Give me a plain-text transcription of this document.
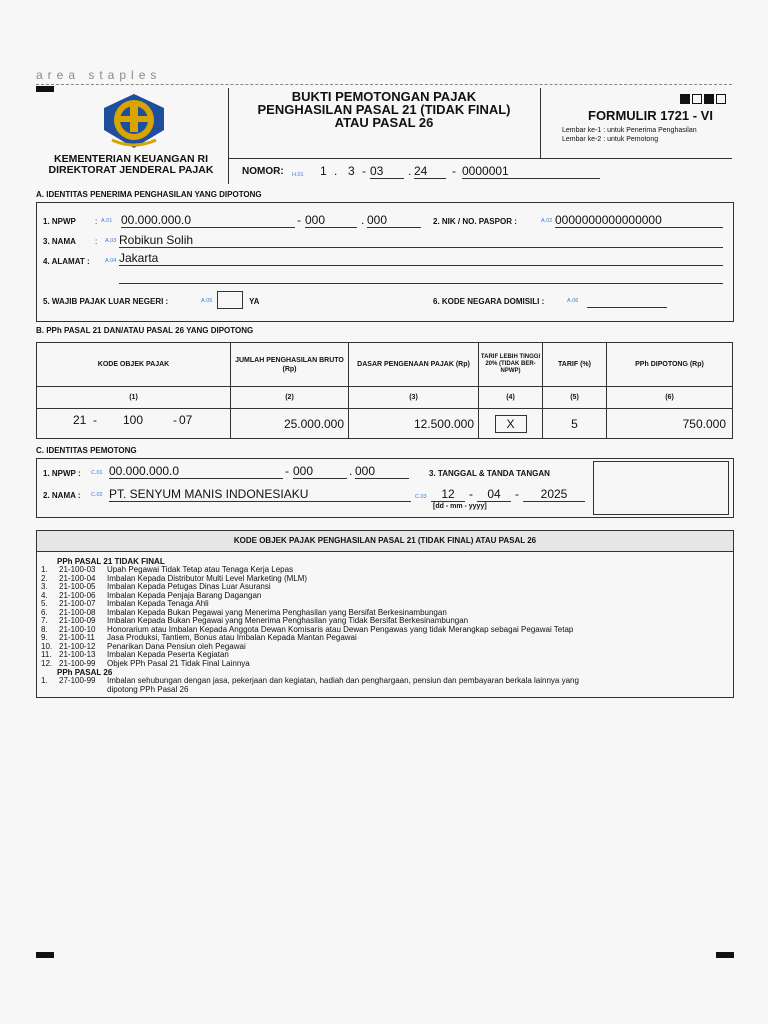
area staples
KEMENTERIAN KEUANGAN RI
DIREKTORAT JENDERAL PAJAK
BUKTI PEMOTONGAN PAJAK
PENGHASILAN PASAL 21 (TIDAK FINAL)
ATAU PASAL 26	FORMULIR 1721 - VI
Lembar ke-1 : untuk Penerima Penghasilan
Lembar ke-2 : untuk Pemotong
NOMOR: H.01 1 . 3 - 03	. 24	- 0000001
A. IDENTITAS PENERIMA PENGHASILAN YANG DIPOTONG
1. NPWP : A.01 00.000.000.0	- 000	. 000	2. NIK / NO. PASPOR :	A.02 0000000000000000
3. NAMA : A.03 Robikun Solih
4. ALAMAT :	A.04 Jakarta
5. WAJIB PAJAK LUAR NEGERI :	A.05	YA	6. KODE NEGARA DOMISILI :	A.06
B. PPh PASAL 21 DAN/ATAU PASAL 26 YANG DIPOTONG
KODE OBJEK PAJAK	JUMLAH PENGHASILAN BRUTO (Rp)	DASAR PENGENAAN PAJAK (Rp)	TARIF LEBIH TINGGI 20% (TIDAK BER-NPWP)	TARIF (%)	PPh DIPOTONG (Rp)
(1)	(2)	(3)	(4)	(5)	(6)

21 - 100 - 07	25.000.000	12.500.000	X	5	750.000
C. IDENTITAS PEMOTONG
1. NPWP : C.01 00.000.000.0	- 000	. 000	3. TANGGAL & TANDA TANGAN
2. NAMA : C.02 PT. SENYUM MANIS INDONESIAKU	C.03	12	-	04	-	2025
[dd - mm - yyyy]
KODE OBJEK PAJAK PENGHASILAN PASAL 21 (TIDAK FINAL) ATAU PASAL 26
PPh PASAL 21 TIDAK FINAL
1.	21-100-03	Upah Pegawai Tidak Tetap atau Tenaga Kerja Lepas
2.	21-100-04	Imbalan Kepada Distributor Multi Level Marketing (MLM)
3.	21-100-05	Imbalan Kepada Petugas Dinas Luar Asuransi
4.	21-100-06	Imbalan Kepada Penjaja Barang Dagangan
5.	21-100-07	Imbalan Kepada Tenaga Ahli
6.	21-100-08	Imbalan Kepada Bukan Pegawai yang Menerima Penghasilan yang Bersifat Berkesinambungan
7.	21-100-09	Imbalan Kepada Bukan Pegawai yang Menerima Penghasilan yang Tidak Bersifat Berkesinambungan
8.	21-100-10	Honorarium atau Imbalan Kepada Anggota Dewan Komisaris atau Dewan Pengawas yang tidak Merangkap sebagai Pegawai Tetap
9.	21-100-11	Jasa Produksi, Tantiem, Bonus atau Imbalan Kepada Mantan Pegawai
10. 21-100-12	Penarikan Dana Pensiun oleh Pegawai
11. 21-100-13	Imbalan Kepada Peserta Kegiatan
12. 21-100-99	Objek PPh Pasal 21 Tidak Final Lainnya
PPh PASAL 26
1.	27-100-99	Imbalan sehubungan dengan jasa, pekerjaan dan kegiatan, hadiah dan penghargaan, pensiun dan pembayaran berkala lainnya yang
dipotong PPh Pasal 26
